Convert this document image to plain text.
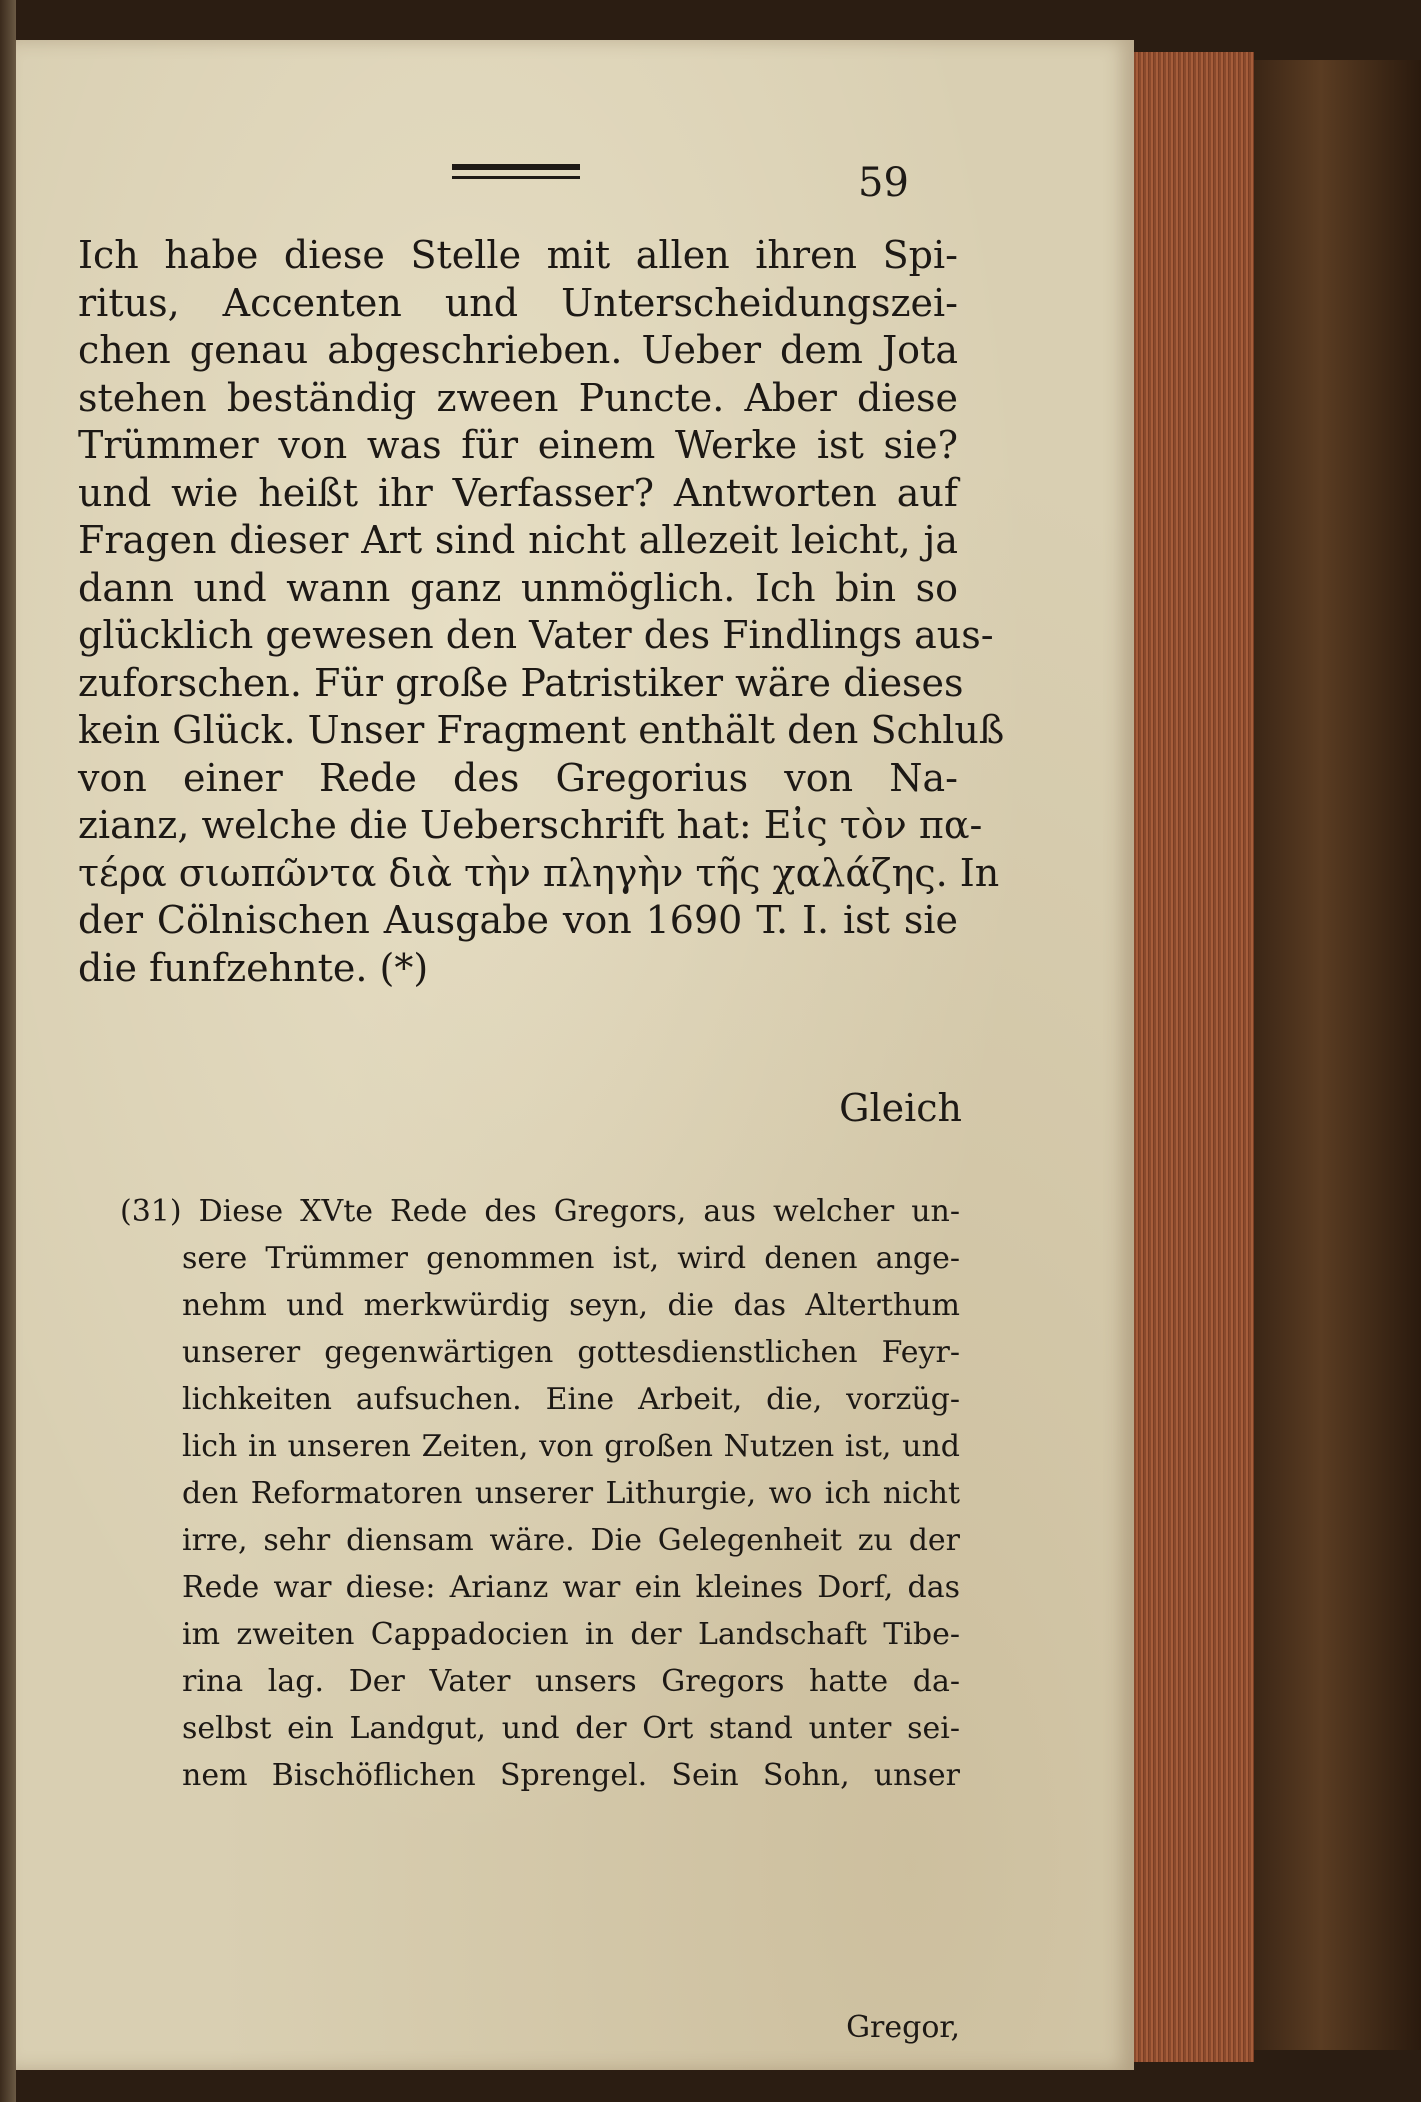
59
Ich habe diese Stelle mit allen ihren Spi-
ritus, Accenten und Unterscheidungszei-
chen genau abgeschrieben. Ueber dem Jota
stehen beständig zween Puncte. Aber diese
Trümmer von was für einem Werke ist sie?
und wie heißt ihr Verfasser? Antworten auf
Fragen dieser Art sind nicht allezeit leicht, ja
dann und wann ganz unmöglich. Ich bin so
glücklich gewesen den Vater des Findlings aus-
zuforschen. Für große Patristiker wäre dieses
kein Glück. Unser Fragment enthält den Schluß
von einer Rede des Gregorius von Na-
zianz, welche die Ueberschrift hat: Εἰς τὸν πα-
τέρα σιωπῶντα διὰ τὴν πληγὴν τῆς χαλάζης. In
der Cölnischen Ausgabe von 1690 T. I. ist sie
die funfzehnte. (*)
Gleich
(31) Diese XVte Rede des Gregors, aus welcher un-
sere Trümmer genommen ist, wird denen ange-
nehm und merkwürdig seyn, die das Alterthum
unserer gegenwärtigen gottesdienstlichen Feyr-
lichkeiten aufsuchen. Eine Arbeit, die, vorzüg-
lich in unseren Zeiten, von großen Nutzen ist, und
den Reformatoren unserer Lithurgie, wo ich nicht
irre, sehr diensam wäre. Die Gelegenheit zu der
Rede war diese: Arianz war ein kleines Dorf, das
im zweiten Cappadocien in der Landschaft Tibe-
rina lag. Der Vater unsers Gregors hatte da-
selbst ein Landgut, und der Ort stand unter sei-
nem Bischöflichen Sprengel. Sein Sohn, unser
Gregor,
